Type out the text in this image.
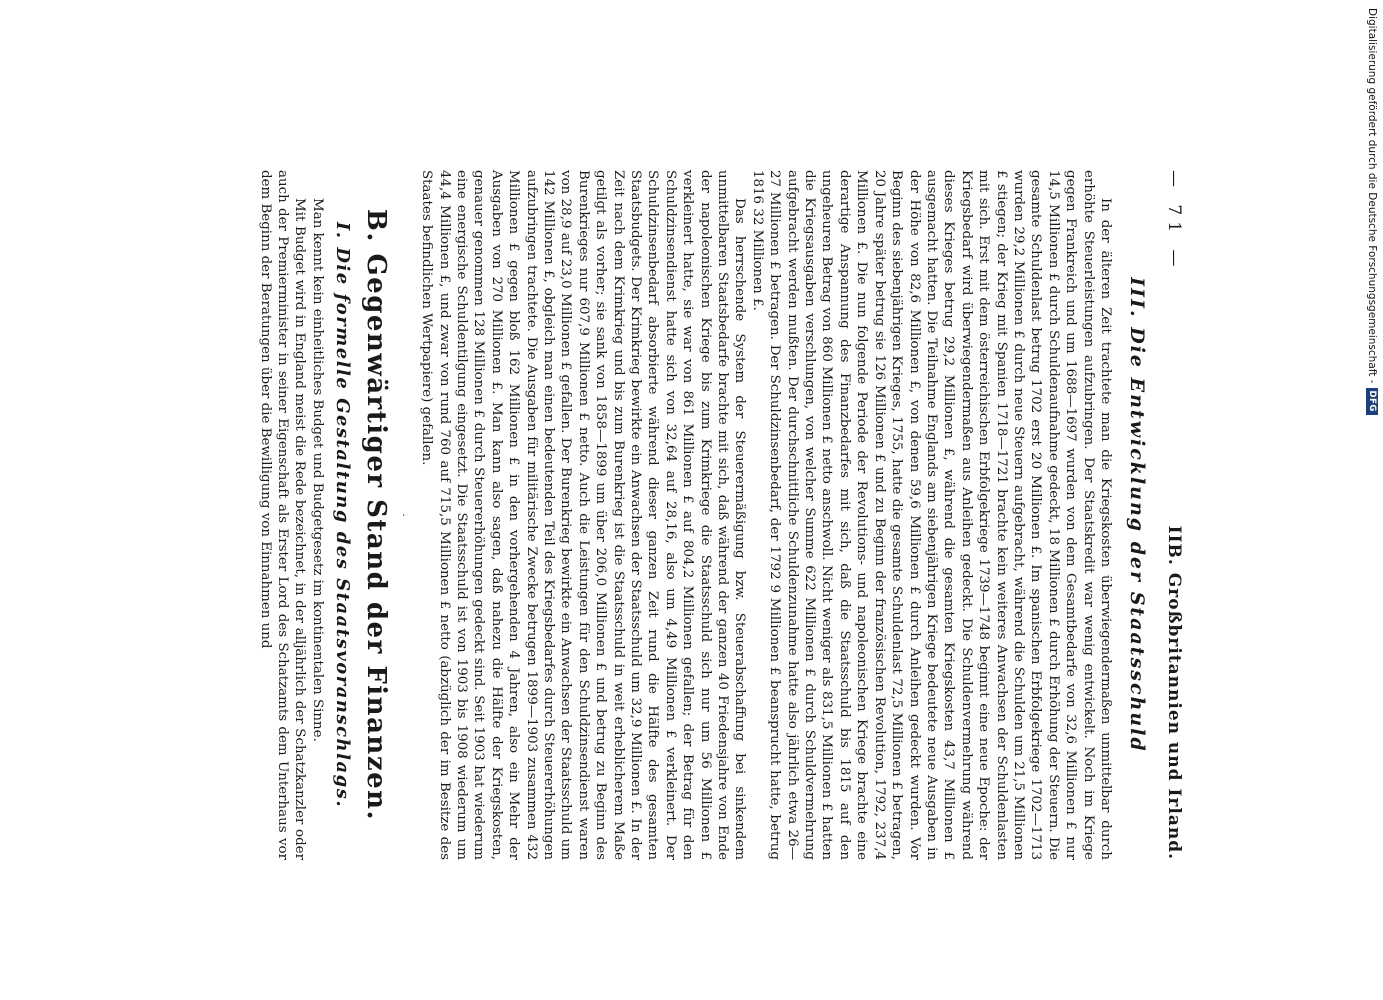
— 71 —
IIB. Großbritannien und Irland.
III. Die Entwicklung der Staatsschuld

In der älteren Zeit trachtete man die Kriegskosten überwiegendermaßen unmittelbar durch erhöhte Steuerleistungen aufzubringen. Der Staatskredit war wenig entwickelt. Noch im Kriege gegen Frankreich und um 1688—1697 wurden von dem Gesamtbedarfe von 32,6 Millionen £ nur 14,5 Millionen £ durch Schuldenaufnahme gedeckt, 18 Millionen £ durch Erhöhung der Steuern. Die gesamte Schuldenlast betrug 1702 erst 20 Millionen £. Im spanischen Erbfolgekriege 1702—1713 wurden 29,2 Millionen £ durch neue Steuern aufgebracht, während die Schulden um 21,5 Millionen £ stiegen; der Krieg mit Spanien 1718—1721 brachte kein weiteres Anwachsen der Schuldenlasten mit sich. Erst mit dem österreichischen Erbfolgekriege 1739—1748 beginnt eine neue Epoche: der Kriegsbedarf wird überwiegendermaßen aus Anleihen gedeckt. Die Schuldenvermehrung während dieses Krieges betrug 29,2 Millionen £, während die gesamten Kriegskosten 43,7 Millionen £ ausgemacht hatten. Die Teilnahme Englands am siebenjährigen Kriege bedeutete neue Ausgaben in der Höhe von 82,6 Millionen £, von denen 59,6 Millionen £ durch Anleihen gedeckt wurden. Vor Beginn des siebenjährigen Krieges, 1755, hatte die gesamte Schuldenlast 72,5 Millionen £ betragen, 20 Jahre später betrug sie 126 Millionen £ und zu Beginn der französischen Revolution, 1792, 237,4 Millionen £. Die nun folgende Periode der Revolutions- und napoleonischen Kriege brachte eine derartige Anspannung des Finanzbedarfes mit sich, daß die Staatsschuld bis 1815 auf den ungeheuren Betrag von 860 Millionen £ netto anschwoll. Nicht weniger als 831,5 Millionen £ hatten die Kriegsausgaben verschlungen, von welcher Summe 622 Millionen £ durch Schuldvermehrung aufgebracht werden mußten. Der durchschnittliche Schuldenzunahme hatte also jährlich etwa 26—27 Millionen £ betragen. Der Schuldzinsenbedarf, der 1792 9 Millionen £ beansprucht hatte, betrug 1816 32 Millionen £.

Das herrschende System der Steuerermäßigung bzw. Steuerabschaffung bei sinkendem unmittelbaren Staatsbedarfe brachte mit sich, daß während der ganzen 40 Friedensjahre von Ende der napoleonischen Kriege bis zum Krimkriege die Staatsschuld sich nur um 56 Millionen £ verkleinert hatte, sie war von 861 Millionen £ auf 804,2 Millionen gefallen; der Betrag für den Schuldzinsendienst hatte sich von 32,64 auf 28,16, also um 4,49 Millionen £ verkleinert. Der Schuldzinsenbedarf absorbierte während dieser ganzen Zeit rund die Hälfte des gesamten Staatsbudgets. Der Krimkrieg bewirkte ein Anwachsen der Staatsschuld um 32,9 Millionen £. In der Zeit nach dem Krimkrieg und bis zum Burenkrieg ist die Staatsschuld in weit erheblicherem Maße getilgt als vorher; sie sank von 1858—1899 um über 206,0 Millionen £ und betrug zu Beginn des Burenkrieges nur 607,9 Millionen £ netto. Auch die Leistungen für den Schuldzinsendienst waren von 28,9 auf 23,0 Millionen £ gefallen. Der Burenkrieg bewirkte ein Anwachsen der Staatsschuld um 142 Millionen £, obgleich man einen bedeutenden Teil des Kriegsbedarfes durch Steuererhöhungen aufzubringen trachtete. Die Ausgaben für militärische Zwecke betrugen 1899—1903 zusammen 432 Millionen £ gegen bloß 162 Millionen £ in den vorhergehenden 4 Jahren, also ein Mehr der Ausgaben von 270 Millionen £. Man kann also sagen, daß nahezu die Hälfte der Kriegskosten, genauer genommen 128 Millionen £ durch Steuererhöhungen gedeckt sind. Seit 1903 hat wiederum eine energische Schuldentilgung eingesetzt. Die Staatsschuld ist von 1903 bis 1908 wiederum um 44,4 Millionen £, und zwar von rund 760 auf 715,5 Millionen £ netto (abzüglich der im Besitze des Staates befindlichen Wertpapiere) gefallen.

·
B. Gegenwärtiger Stand der Finanzen.
I. Die formelle Gestaltung des Staatsvoranschlags.

Man kennt kein einheitliches Budget und Budgetgesetz im kontinentalen Sinne.

Mit Budget wird in England meist die Rede bezeichnet, in der alljährlich der Schatzkanzler oder auch der Premierminister in seiner Eigenschaft als Erster Lord des Schatzamts dem Unterhaus vor dem Beginn der Beratungen über die Bewilligung von Einnahmen und	Digitalisierung gefördert durch die Deutsche Forschungsgemeinschaft -
DFG
